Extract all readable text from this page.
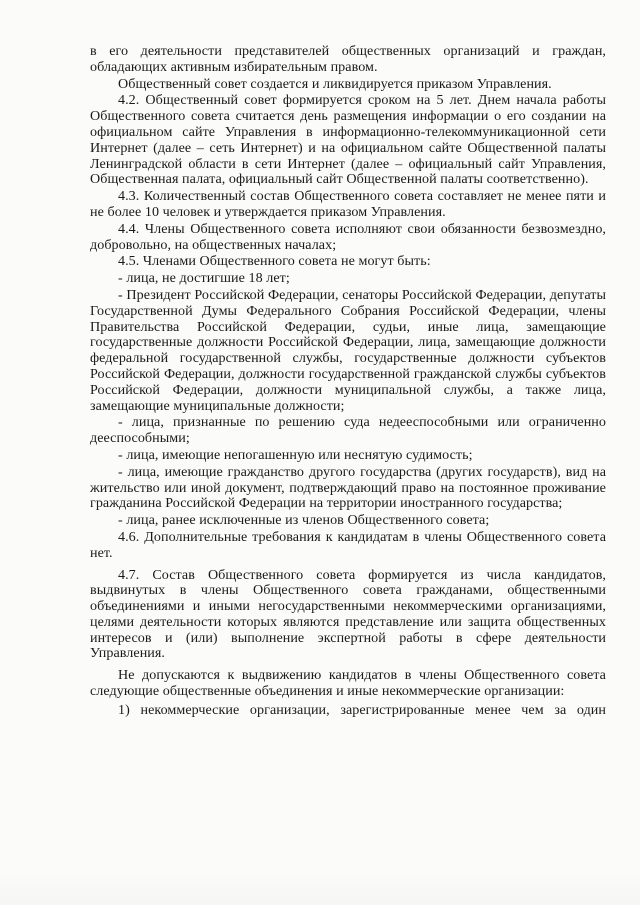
в его деятельности представителей общественных организаций и граждан, обладающих активным избирательным правом.

Общественный совет создается и ликвидируется приказом Управления.

4.2. Общественный совет формируется сроком на 5 лет. Днем начала работы Общественного совета считается день размещения информации о его создании на официальном сайте Управления в информационно-телекоммуникационной сети Интернет (далее – сеть Интернет) и на официальном сайте Общественной палаты Ленинградской области в сети Интернет (далее – официальный сайт Управления, Общественная палата, официальный сайт Общественной палаты соответственно).

4.3. Количественный состав Общественного совета составляет не менее пяти и не более 10 человек и утверждается приказом Управления.

4.4. Члены Общественного совета исполняют свои обязанности безвозмездно, добровольно, на общественных началах;

4.5. Членами Общественного совета не могут быть:

- лица, не достигшие 18 лет;

- Президент Российской Федерации, сенаторы Российской Федерации, депутаты Государственной Думы Федерального Собрания Российской Федерации, члены Правительства Российской Федерации, судьи, иные лица, замещающие государственные должности Российской Федерации, лица, замещающие должности федеральной государственной службы, государственные должности субъектов Российской Федерации, должности государственной гражданской службы субъектов Российской Федерации, должности муниципальной службы, а также лица, замещающие муниципальные должности;

- лица, признанные по решению суда недееспособными или ограниченно дееспособными;

- лица, имеющие непогашенную или неснятую судимость;

- лица, имеющие гражданство другого государства (других государств), вид на жительство или иной документ, подтверждающий право на постоянное проживание гражданина Российской Федерации на территории иностранного государства;

- лица, ранее исключенные из членов Общественного совета;

4.6. Дополнительные требования к кандидатам в члены Общественного совета нет.

4.7. Состав Общественного совета формируется из числа кандидатов, выдвинутых в члены Общественного совета гражданами, общественными объединениями и иными негосударственными некоммерческими организациями, целями деятельности которых являются представление или защита общественных интересов и (или) выполнение экспертной работы в сфере деятельности Управления.

Не допускаются к выдвижению кандидатов в члены Общественного совета следующие общественные объединения и иные некоммерческие организации:

1) некоммерческие организации, зарегистрированные менее чем за один
